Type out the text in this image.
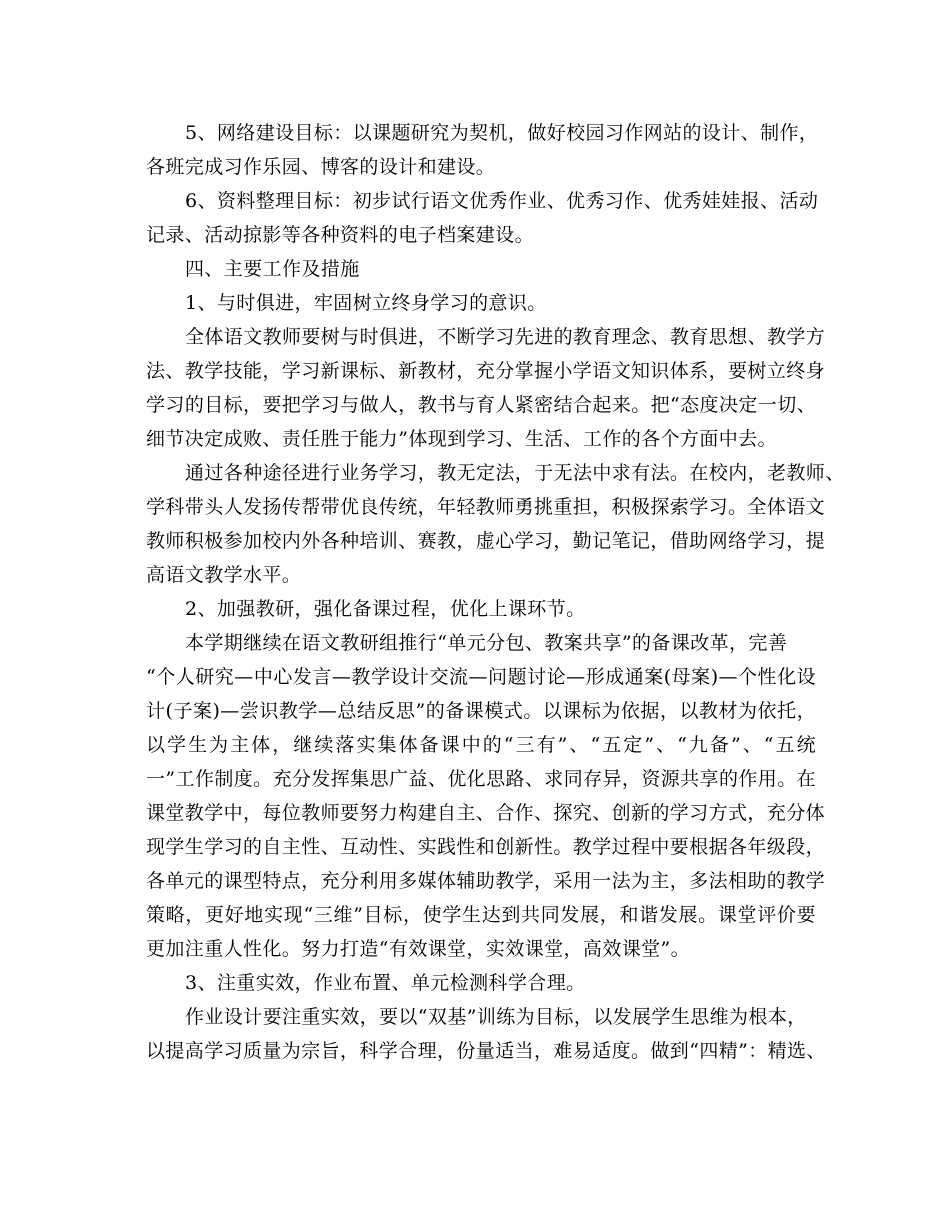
5、网络建设目标：以课题研究为契机，做好校园习作网站的设计、制作，
各班完成习作乐园、博客的设计和建设。
6、资料整理目标：初步试行语文优秀作业、优秀习作、优秀娃娃报、活动
记录、活动掠影等各种资料的电子档案建设。
四、主要工作及措施
1、与时俱进，牢固树立终身学习的意识。
全体语文教师要树与时俱进，不断学习先进的教育理念、教育思想、教学方
法、教学技能，学习新课标、新教材，充分掌握小学语文知识体系，要树立终身
学习的目标，要把学习与做人，教书与育人紧密结合起来。把“态度决定一切、
细节决定成败、责任胜于能力”体现到学习、生活、工作的各个方面中去。
通过各种途径进行业务学习，教无定法，于无法中求有法。在校内，老教师、
学科带头人发扬传帮带优良传统，年轻教师勇挑重担，积极探索学习。全体语文
教师积极参加校内外各种培训、赛教，虚心学习，勤记笔记，借助网络学习，提
高语文教学水平。
2、加强教研，强化备课过程，优化上课环节。
本学期继续在语文教研组推行“单元分包、教案共享”的备课改革，完善
“个人研究—中心发言—教学设计交流—问题讨论—形成通案(母案)—个性化设
计(子案)—尝识教学—总结反思”的备课模式。以课标为依据，以教材为依托，
以学生为主体，继续落实集体备课中的“三有”、“五定”、“九备”、“五统
一”工作制度。充分发挥集思广益、优化思路、求同存异，资源共享的作用。在
课堂教学中，每位教师要努力构建自主、合作、探究、创新的学习方式，充分体
现学生学习的自主性、互动性、实践性和创新性。教学过程中要根据各年级段，
各单元的课型特点，充分利用多媒体辅助教学，采用一法为主，多法相助的教学
策略，更好地实现“三维”目标，使学生达到共同发展，和谐发展。课堂评价要
更加注重人性化。努力打造“有效课堂，实效课堂，高效课堂”。
3、注重实效，作业布置、单元检测科学合理。
作业设计要注重实效，要以“双基”训练为目标，以发展学生思维为根本，
以提高学习质量为宗旨，科学合理，份量适当，难易适度。做到“四精”：精选、
